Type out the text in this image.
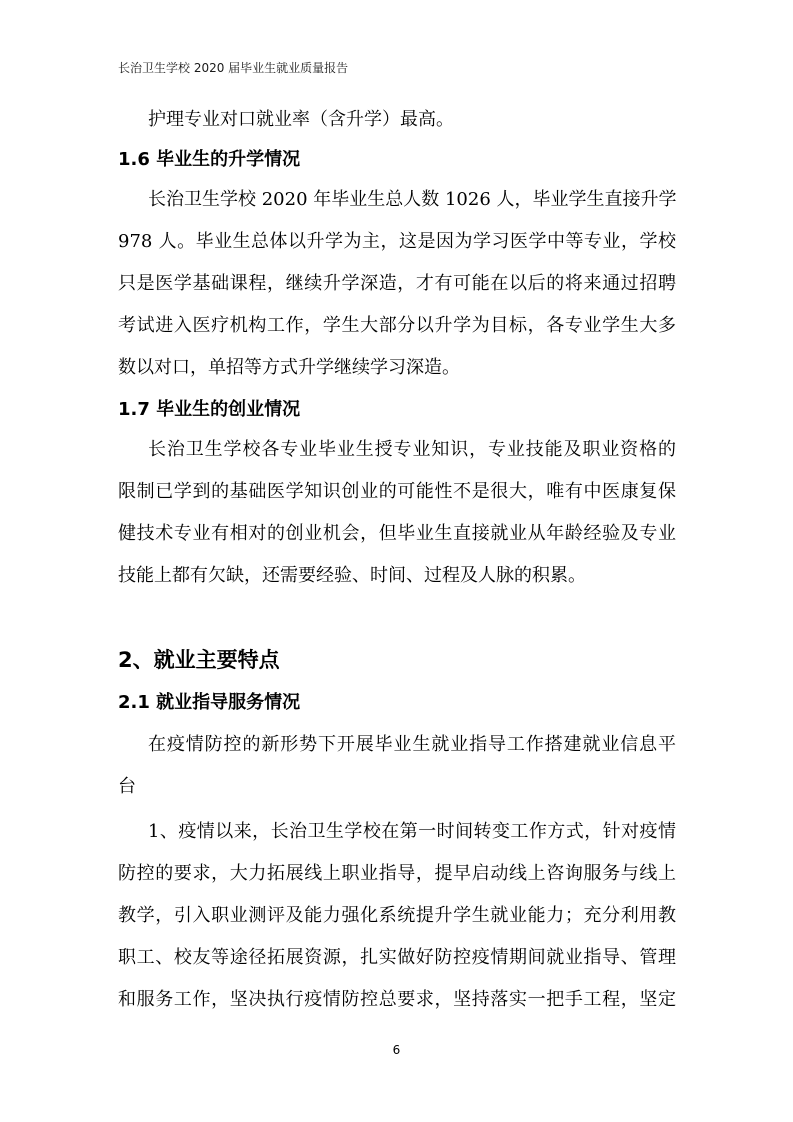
长治卫生学校 2020 届毕业生就业质量报告
护理专业对口就业率（含升学）最高。
1.6 毕业生的升学情况
长治卫生学校 2020 年毕业生总人数 1026 人，毕业学生直接升学
978 人。毕业生总体以升学为主，这是因为学习医学中等专业，学校
只是医学基础课程，继续升学深造，才有可能在以后的将来通过招聘
考试进入医疗机构工作，学生大部分以升学为目标，各专业学生大多
数以对口，单招等方式升学继续学习深造。
1.7 毕业生的创业情况
长治卫生学校各专业毕业生授专业知识，专业技能及职业资格的
限制已学到的基础医学知识创业的可能性不是很大，唯有中医康复保
健技术专业有相对的创业机会，但毕业生直接就业从年龄经验及专业
技能上都有欠缺，还需要经验、时间、过程及人脉的积累。
2、就业主要特点
2.1 就业指导服务情况
在疫情防控的新形势下开展毕业生就业指导工作搭建就业信息平
台
1、疫情以来，长治卫生学校在第一时间转变工作方式，针对疫情
防控的要求，大力拓展线上职业指导，提早启动线上咨询服务与线上
教学，引入职业测评及能力强化系统提升学生就业能力；充分利用教
职工、校友等途径拓展资源，扎实做好防控疫情期间就业指导、管理
和服务工作，坚决执行疫情防控总要求，坚持落实一把手工程，坚定
6
